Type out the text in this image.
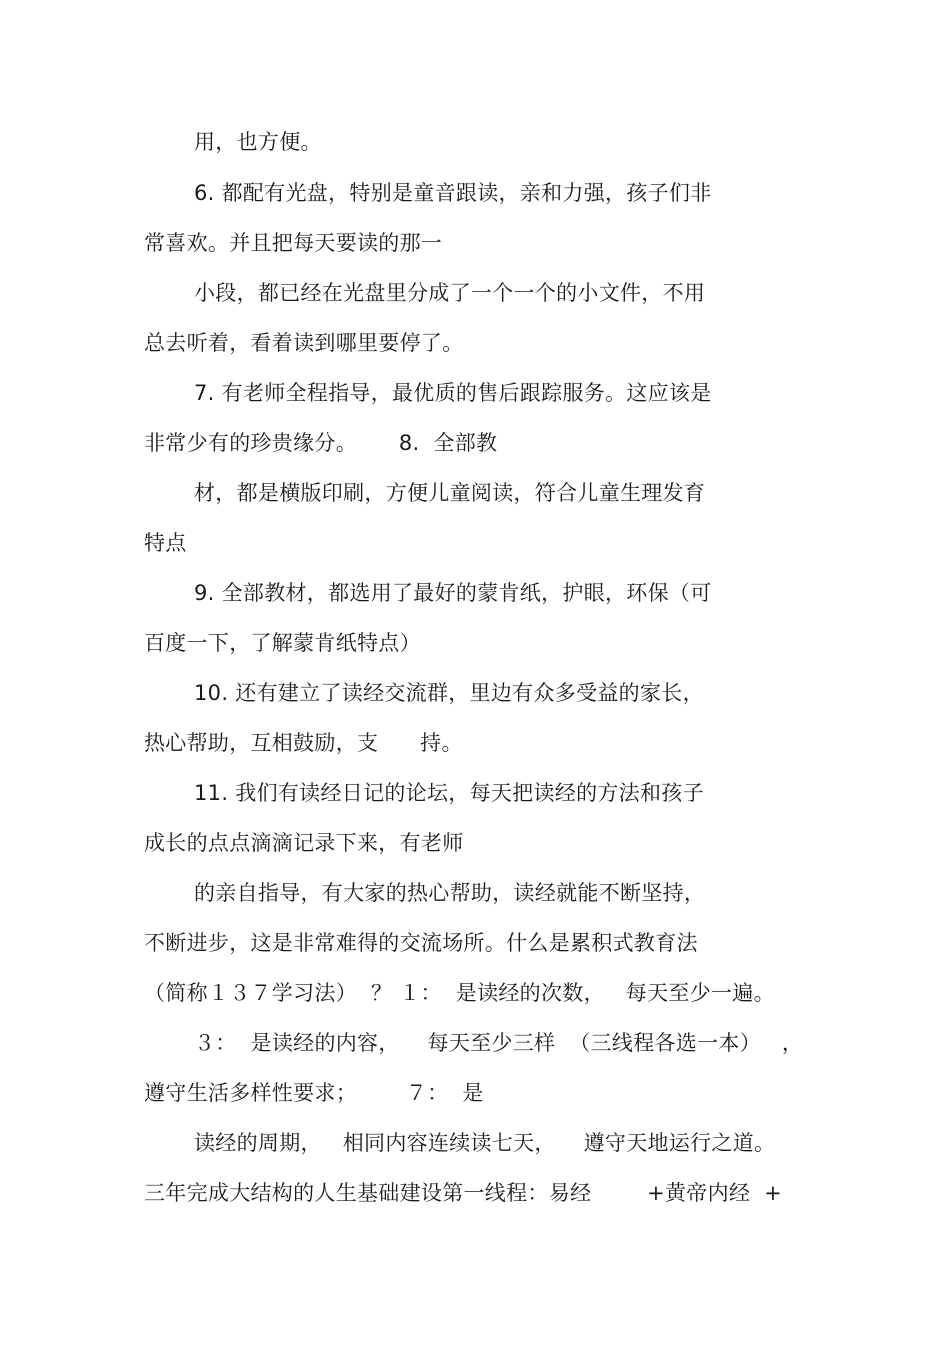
用，也方便。
6. 都配有光盘，特别是童音跟读，亲和力强，孩子们非
常喜欢。并且把每天要读的那一
小段，都已经在光盘里分成了一个一个的小文件，不用
总去听着，看着读到哪里要停了。
7. 有老师全程指导，最优质的售后跟踪服务。这应该是
非常少有的珍贵缘分。      8.  全部教
材，都是横版印刷，方便儿童阅读，符合儿童生理发育
特点
9. 全部教材，都选用了最好的蒙肯纸，护眼，环保（可
百度一下，了解蒙肯纸特点）
10. 还有建立了读经交流群，里边有众多受益的家长，
热心帮助，互相鼓励，支      持。
11. 我们有读经日记的论坛，每天把读经的方法和孩子
成长的点点滴滴记录下来，有老师
的亲自指导，有大家的热心帮助，读经就能不断坚持，
不断进步，这是非常难得的交流场所。什么是累积式教育法
（简称１３７学习法）  ？ １：  是读经的次数，   每天至少一遍。
３：  是读经的内容，    每天至少三样  （三线程各选一本）   ，
遵守生活多样性要求；       ７：  是
读经的周期，   相同内容连续读七天，    遵守天地运行之道。
三年完成大结构的人生基础建设第一线程：易经        +黄帝内经  +
